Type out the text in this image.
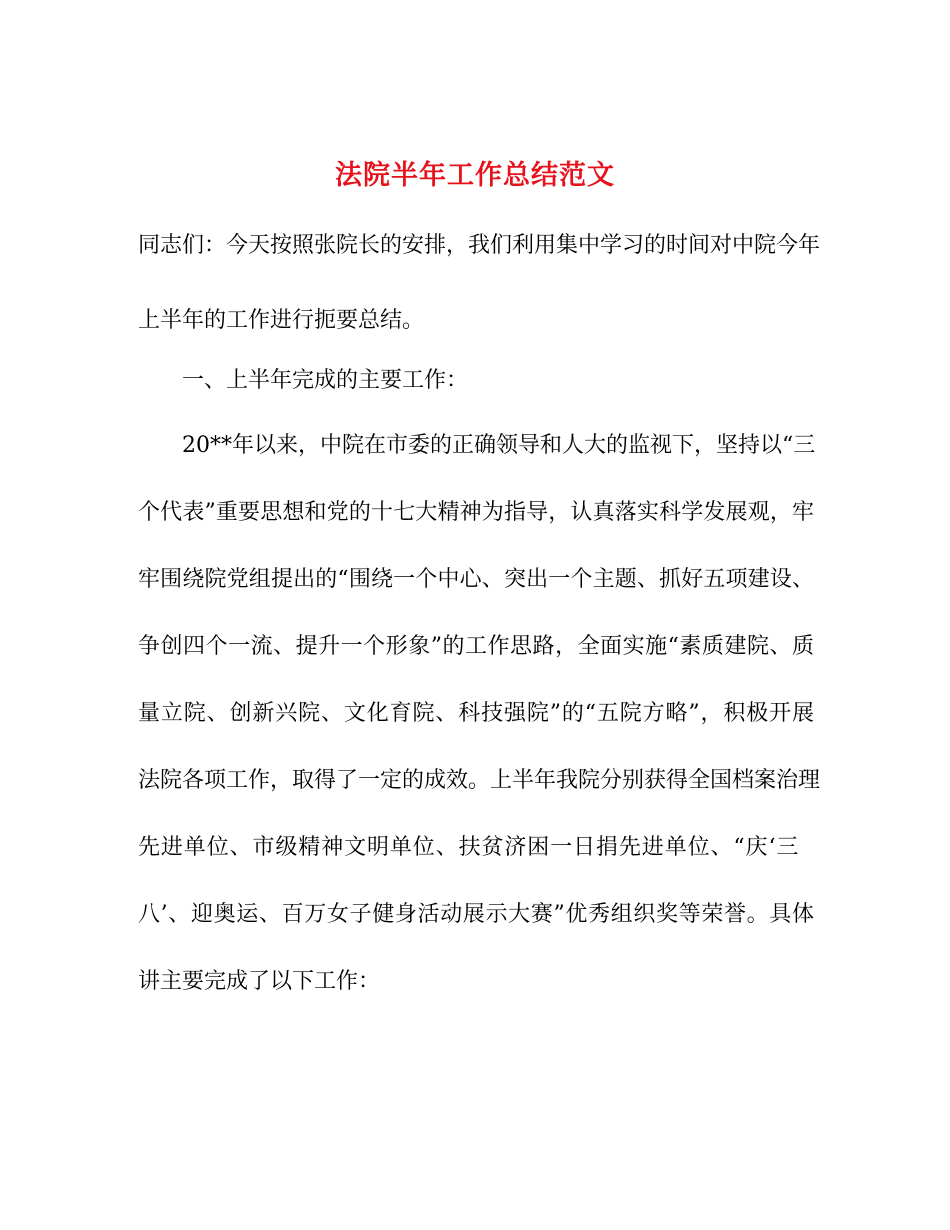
法院半年工作总结范文

同志们：今天按照张院长的安排，我们利用集中学习的时间对中院今年

上半年的工作进行扼要总结。

一、上半年完成的主要工作：

20**年以来，中院在市委的正确领导和人大的监视下，坚持以“三

个代表”重要思想和党的十七大精神为指导，认真落实科学发展观，牢

牢围绕院党组提出的“围绕一个中心、突出一个主题、抓好五项建设、

争创四个一流、提升一个形象”的工作思路，全面实施“素质建院、质

量立院、创新兴院、文化育院、科技强院”的“五院方略”，积极开展

法院各项工作，取得了一定的成效。上半年我院分别获得全国档案治理

先进单位、市级精神文明单位、扶贫济困一日捐先进单位、“庆‘三

八’、迎奥运、百万女子健身活动展示大赛”优秀组织奖等荣誉。具体

讲主要完成了以下工作：
